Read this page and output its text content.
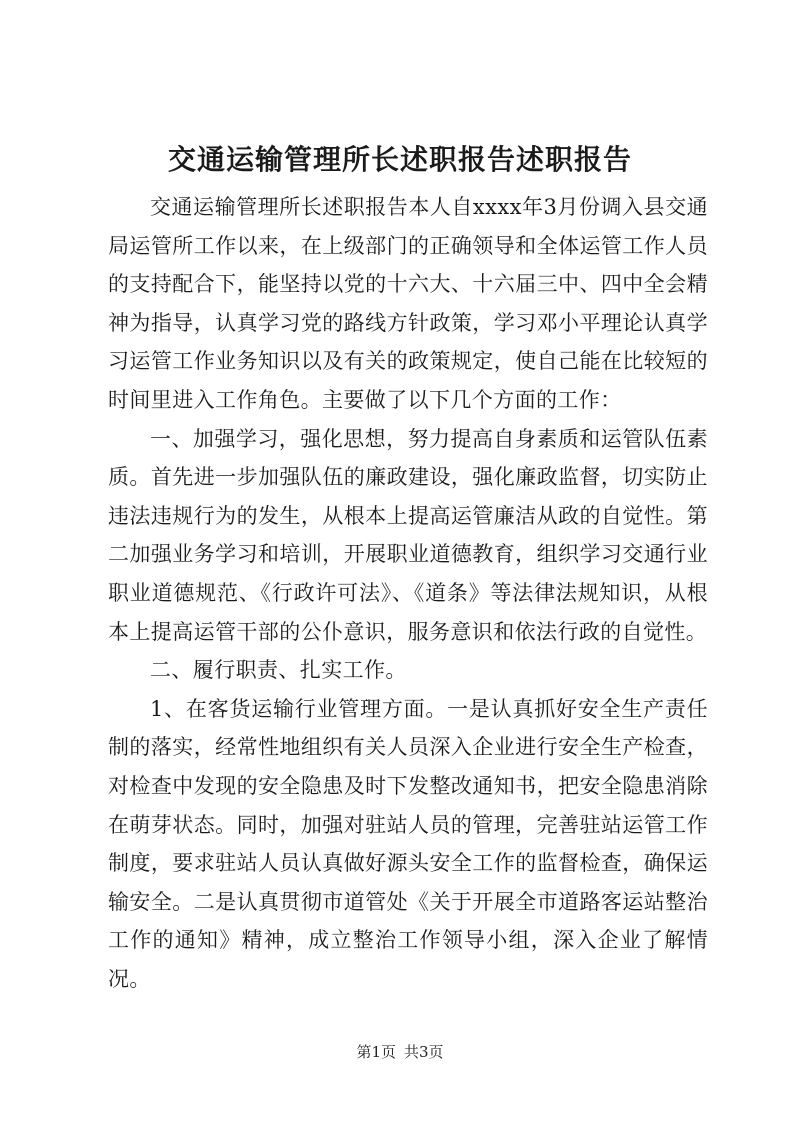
交通运输管理所长述职报告述职报告

交通运输管理所长述职报告本人自xxxx年3月份调入县交通局运管所工作以来，在上级部门的正确领导和全体运管工作人员的支持配合下，能坚持以党的十六大、十六届三中、四中全会精神为指导，认真学习党的路线方针政策，学习邓小平理论认真学习运管工作业务知识以及有关的政策规定，使自己能在比较短的时间里进入工作角色。主要做了以下几个方面的工作：

一、加强学习，强化思想，努力提高自身素质和运管队伍素质。首先进一步加强队伍的廉政建设，强化廉政监督，切实防止违法违规行为的发生，从根本上提高运管廉洁从政的自觉性。第二加强业务学习和培训，开展职业道德教育，组织学习交通行业职业道德规范、《行政许可法》、《道条》等法律法规知识，从根本上提高运管干部的公仆意识，服务意识和依法行政的自觉性。

二、履行职责、扎实工作。

1、在客货运输行业管理方面。一是认真抓好安全生产责任制的落实，经常性地组织有关人员深入企业进行安全生产检查，对检查中发现的安全隐患及时下发整改通知书，把安全隐患消除在萌芽状态。同时，加强对驻站人员的管理，完善驻站运管工作制度，要求驻站人员认真做好源头安全工作的监督检查，确保运输安全。二是认真贯彻市道管处《关于开展全市道路客运站整治工作的通知》精神，成立整治工作领导小组，深入企业了解情况。

第1页 共3页
